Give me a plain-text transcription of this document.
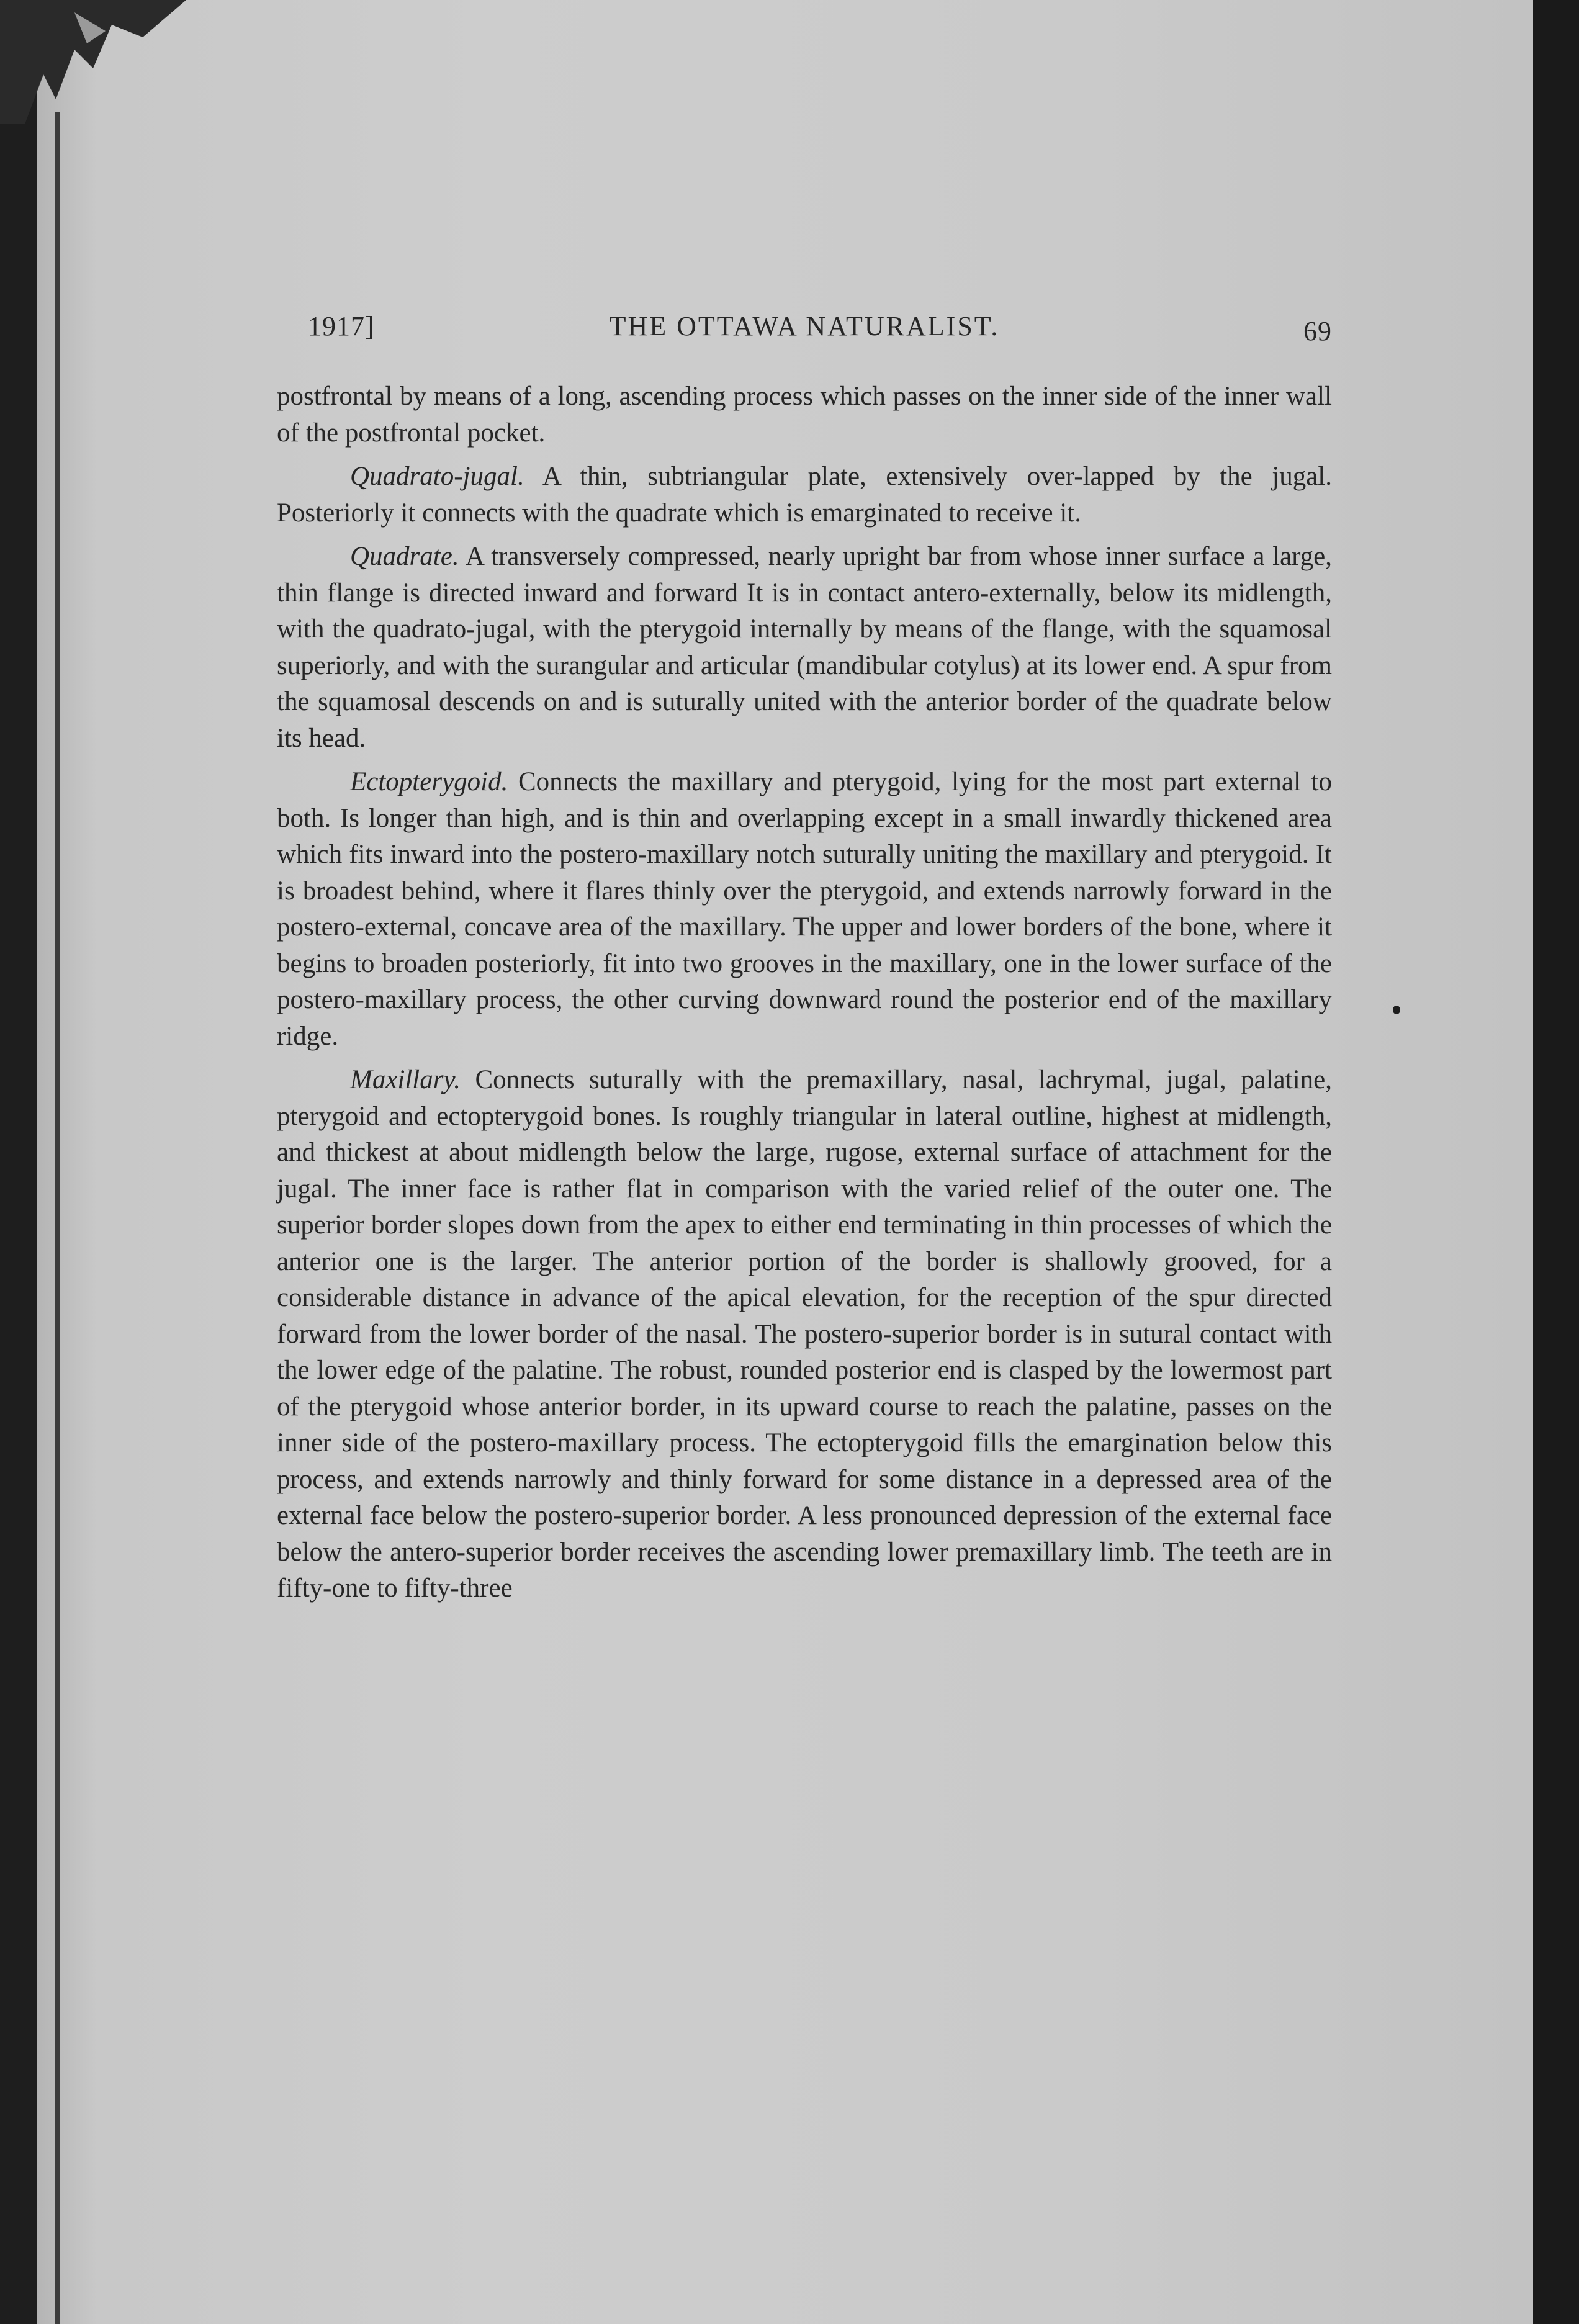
1917]	THE OTTAWA NATURALIST.	69

postfrontal by means of a long, ascending process which passes on the inner side of the inner wall of the postfrontal pocket.

Quadrato-jugal. A thin, subtriangular plate, extensively over-lapped by the jugal. Posteriorly it connects with the quadrate which is emarginated to receive it.

Quadrate. A transversely compressed, nearly upright bar from whose inner surface a large, thin flange is directed inward and forward It is in contact antero-externally, below its midlength, with the quadrato-jugal, with the pterygoid internally by means of the flange, with the squamosal superiorly, and with the surangular and articular (mandibular cotylus) at its lower end. A spur from the squamosal descends on and is suturally united with the anterior border of the quadrate below its head.

Ectopterygoid. Connects the maxillary and pterygoid, lying for the most part external to both. Is longer than high, and is thin and overlapping except in a small inwardly thickened area which fits inward into the postero-maxillary notch suturally uniting the maxillary and pterygoid. It is broadest behind, where it flares thinly over the pterygoid, and extends narrowly forward in the postero-external, concave area of the maxillary. The upper and lower borders of the bone, where it begins to broaden posteriorly, fit into two grooves in the maxillary, one in the lower surface of the postero-maxillary process, the other curving downward round the posterior end of the maxillary ridge.

Maxillary. Connects suturally with the premaxillary, nasal, lachrymal, jugal, palatine, pterygoid and ectopterygoid bones. Is roughly triangular in lateral outline, highest at midlength, and thickest at about midlength below the large, rugose, external surface of attachment for the jugal. The inner face is rather flat in comparison with the varied relief of the outer one. The superior border slopes down from the apex to either end terminating in thin processes of which the anterior one is the larger. The anterior portion of the border is shallowly grooved, for a considerable distance in advance of the apical elevation, for the reception of the spur directed forward from the lower border of the nasal. The postero-superior border is in sutural contact with the lower edge of the palatine. The robust, rounded posterior end is clasped by the lowermost part of the pterygoid whose anterior border, in its upward course to reach the palatine, passes on the inner side of the postero-maxillary process. The ectopterygoid fills the emargination below this process, and extends narrowly and thinly forward for some distance in a depressed area of the external face below the postero-superior border. A less pronounced depression of the external face below the antero-superior border receives the ascending lower premaxillary limb. The teeth are in fifty-one to fifty-three
